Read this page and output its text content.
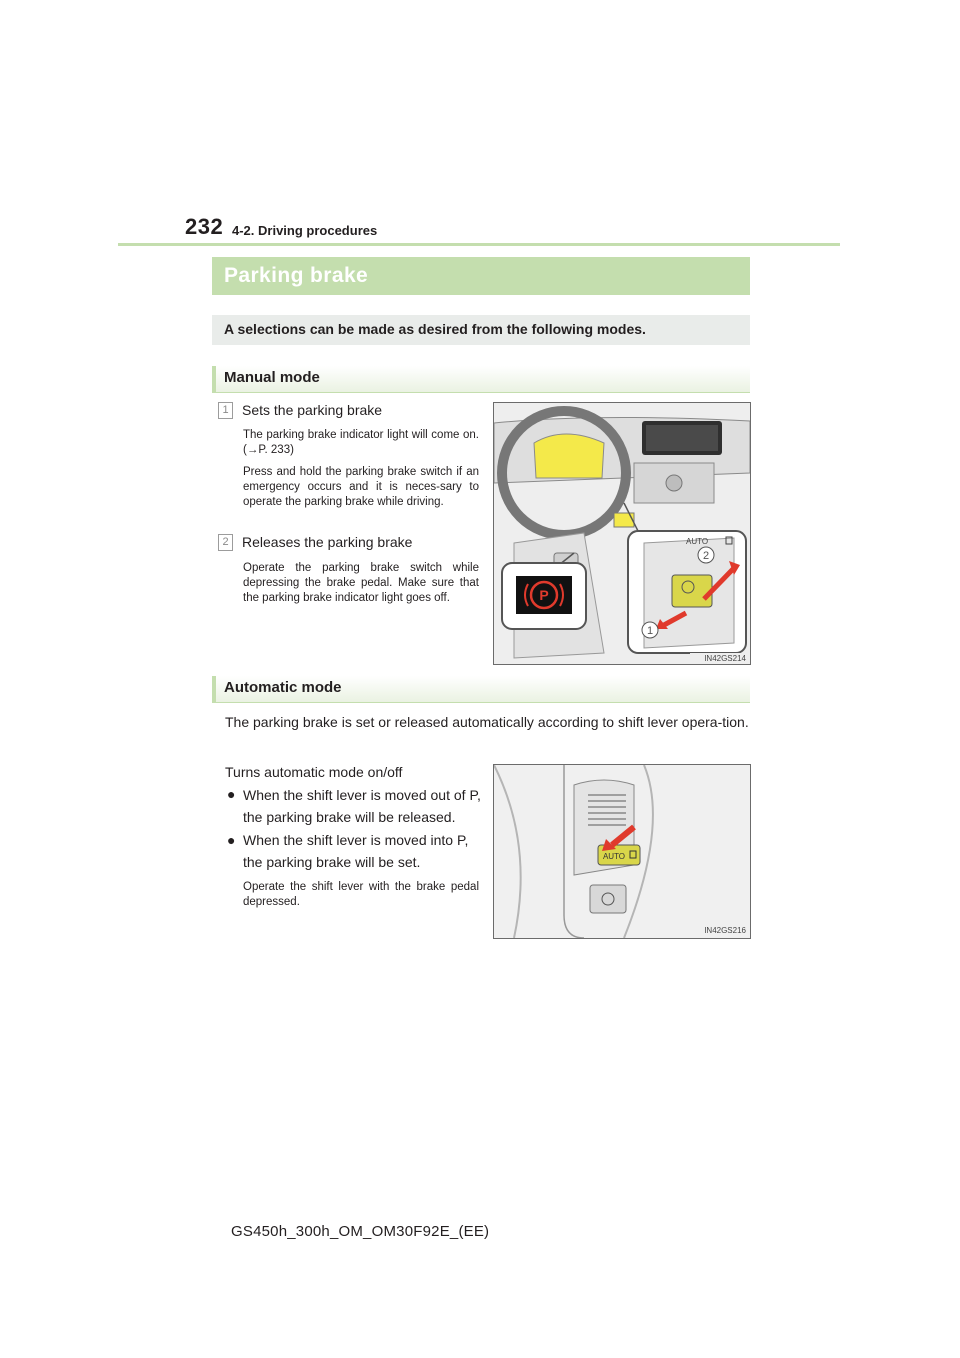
232 4-2. Driving procedures
Parking brake
A selections can be made as desired from the following modes.
Manual mode
1 Sets the parking brake
The parking brake indicator light will come on. (→P. 233)
Press and hold the parking brake switch if an emergency occurs and it is neces-sary to operate the parking brake while driving.
2 Releases the parking brake
Operate the parking brake switch while depressing the brake pedal. Make sure that the parking brake indicator light goes off.	P
AUTO
2
1
IN42GS214
Automatic mode
The parking brake is set or released automatically according to shift lever opera-tion.
Turns automatic mode on/off
● When the shift lever is moved out of P, the parking brake will be released.
● When the shift lever is moved into P, the parking brake will be set.
Operate the shift lever with the brake pedal depressed.
AUTO
IN42GS216
GS450h_300h_OM_OM30F92E_(EE)
